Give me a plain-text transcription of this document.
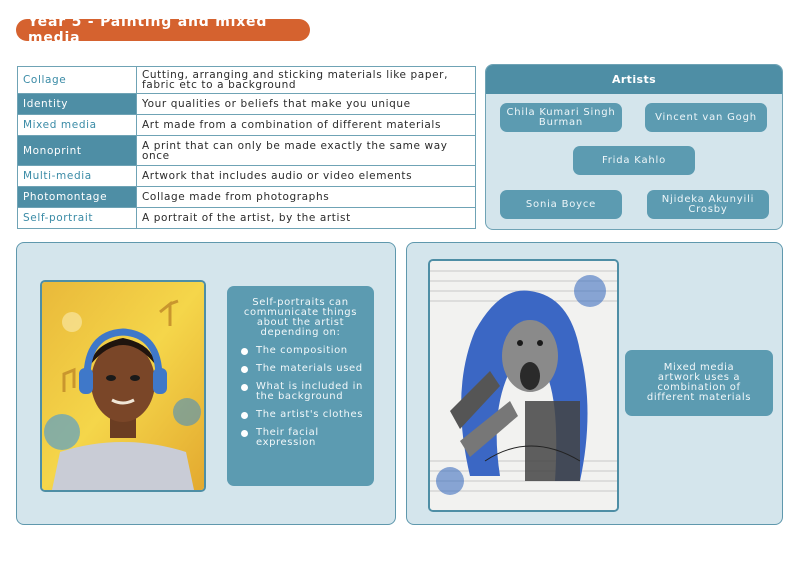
Year 5 - Painting and mixed media
Collage	Cutting, arranging and sticking materials like paper, fabric etc to a background
Identity	Your qualities or beliefs that make you unique
Mixed media	Art made from a combination of different materials
Monoprint	A print that can only be made exactly the same way once
Multi-media	Artwork that includes audio or video elements
Photomontage	Collage made from photographs
Self-portrait	A portrait of the artist, by the artist
Artists
Chila Kumari Singh Burman	Vincent van Gogh
Frida Kahlo
Sonia Boyce	Njideka Akunyili Crosby
Self-portraits can communicate things about the artist depending on:
The composition
The materials used
What is included in the background
The artist's clothes
Their facial expression
Mixed media artwork uses a combination of different materials
